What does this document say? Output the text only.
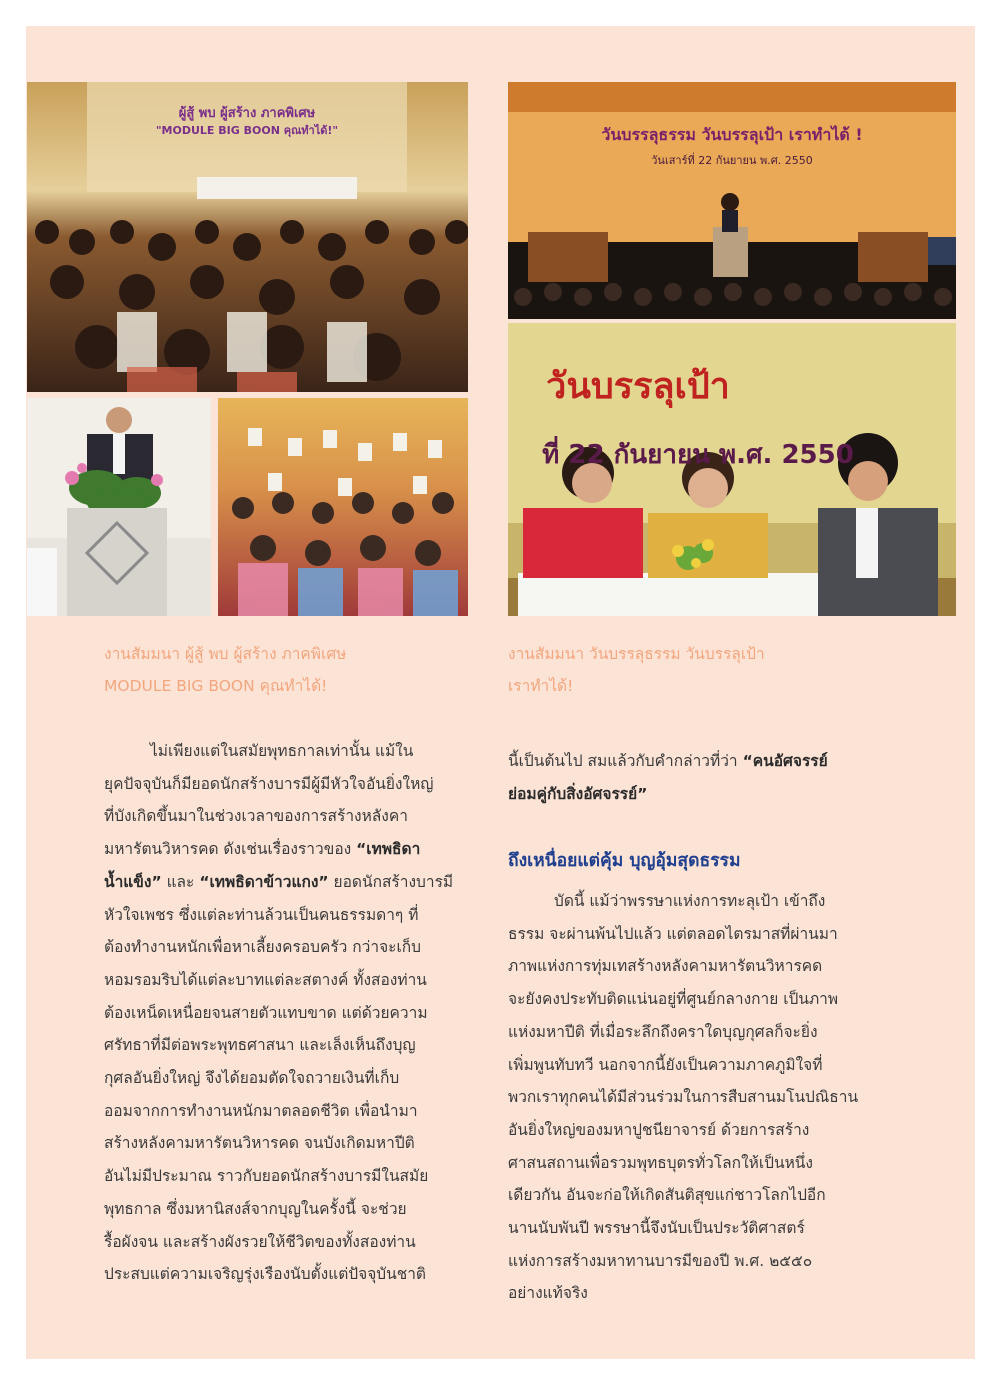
ผู้สู้ พบ ผู้สร้าง ภาคพิเศษ
"MODULE BIG BOON คุณทำได้!"	วันบรรลุธรรม วันบรรลุเป้า เราทำได้ !
วันเสาร์ที่ 22 กันยายน พ.ศ. 2550
วันบรรลุเป้า
ที่ 22 กันยายน พ.ศ. 2550
งานสัมมนา ผู้สู้ พบ ผู้สร้าง ภาคพิเศษ
MODULE BIG BOON คุณทำได้!
งานสัมมนา วันบรรลุธรรม วันบรรลุเป้า
เราทำได้!
ไม่เพียงแต่ในสมัยพุทธกาลเท่านั้น แม้ใน
ยุคปัจจุบันก็มียอดนักสร้างบารมีผู้มีหัวใจอันยิ่งใหญ่
ที่บังเกิดขึ้นมาในช่วงเวลาของการสร้างหลังคา
มหารัตนวิหารคด ดังเช่นเรื่องราวของ “เทพธิดา
น้ำแข็ง” และ “เทพธิดาข้าวแกง” ยอดนักสร้างบารมี
หัวใจเพชร ซึ่งแต่ละท่านล้วนเป็นคนธรรมดาๆ ที่
ต้องทำงานหนักเพื่อหาเลี้ยงครอบครัว กว่าจะเก็บ
หอมรอมริบได้แต่ละบาทแต่ละสตางค์ ทั้งสองท่าน
ต้องเหน็ดเหนื่อยจนสายตัวแทบขาด แต่ด้วยความ
ศรัทธาที่มีต่อพระพุทธศาสนา และเล็งเห็นถึงบุญ
กุศลอันยิ่งใหญ่ จึงได้ยอมตัดใจถวายเงินที่เก็บ
ออมจากการทำงานหนักมาตลอดชีวิต เพื่อนำมา
สร้างหลังคามหารัตนวิหารคด จนบังเกิดมหาปีติ
อันไม่มีประมาณ ราวกับยอดนักสร้างบารมีในสมัย
พุทธกาล ซึ่งมหานิสงส์จากบุญในครั้งนี้ จะช่วย
รื้อผังจน และสร้างผังรวยให้ชีวิตของทั้งสองท่าน
ประสบแต่ความเจริญรุ่งเรืองนับตั้งแต่ปัจจุบันชาติ
นี้เป็นต้นไป สมแล้วกับคำกล่าวที่ว่า “คนอัศจรรย์
ย่อมคู่กับสิ่งอัศจรรย์”
ถึงเหนื่อยแต่คุ้ม บุญอุ้มสุดธรรม
บัดนี้ แม้ว่าพรรษาแห่งการทะลุเป้า เข้าถึง
ธรรม จะผ่านพ้นไปแล้ว แต่ตลอดไตรมาสที่ผ่านมา
ภาพแห่งการทุ่มเทสร้างหลังคามหารัตนวิหารคด
จะยังคงประทับติดแน่นอยู่ที่ศูนย์กลางกาย เป็นภาพ
แห่งมหาปีติ ที่เมื่อระลึกถึงคราใดบุญกุศลก็จะยิ่ง
เพิ่มพูนทับทวี นอกจากนี้ยังเป็นความภาคภูมิใจที่
พวกเราทุกคนได้มีส่วนร่วมในการสืบสานมโนปณิธาน
อันยิ่งใหญ่ของมหาปูชนียาจารย์ ด้วยการสร้าง
ศาสนสถานเพื่อรวมพุทธบุตรทั่วโลกให้เป็นหนึ่ง
เดียวกัน อันจะก่อให้เกิดสันติสุขแก่ชาวโลกไปอีก
นานนับพันปี พรรษานี้จึงนับเป็นประวัติศาสตร์
แห่งการสร้างมหาทานบารมีของปี พ.ศ. ๒๕๕๐
อย่างแท้จริง
